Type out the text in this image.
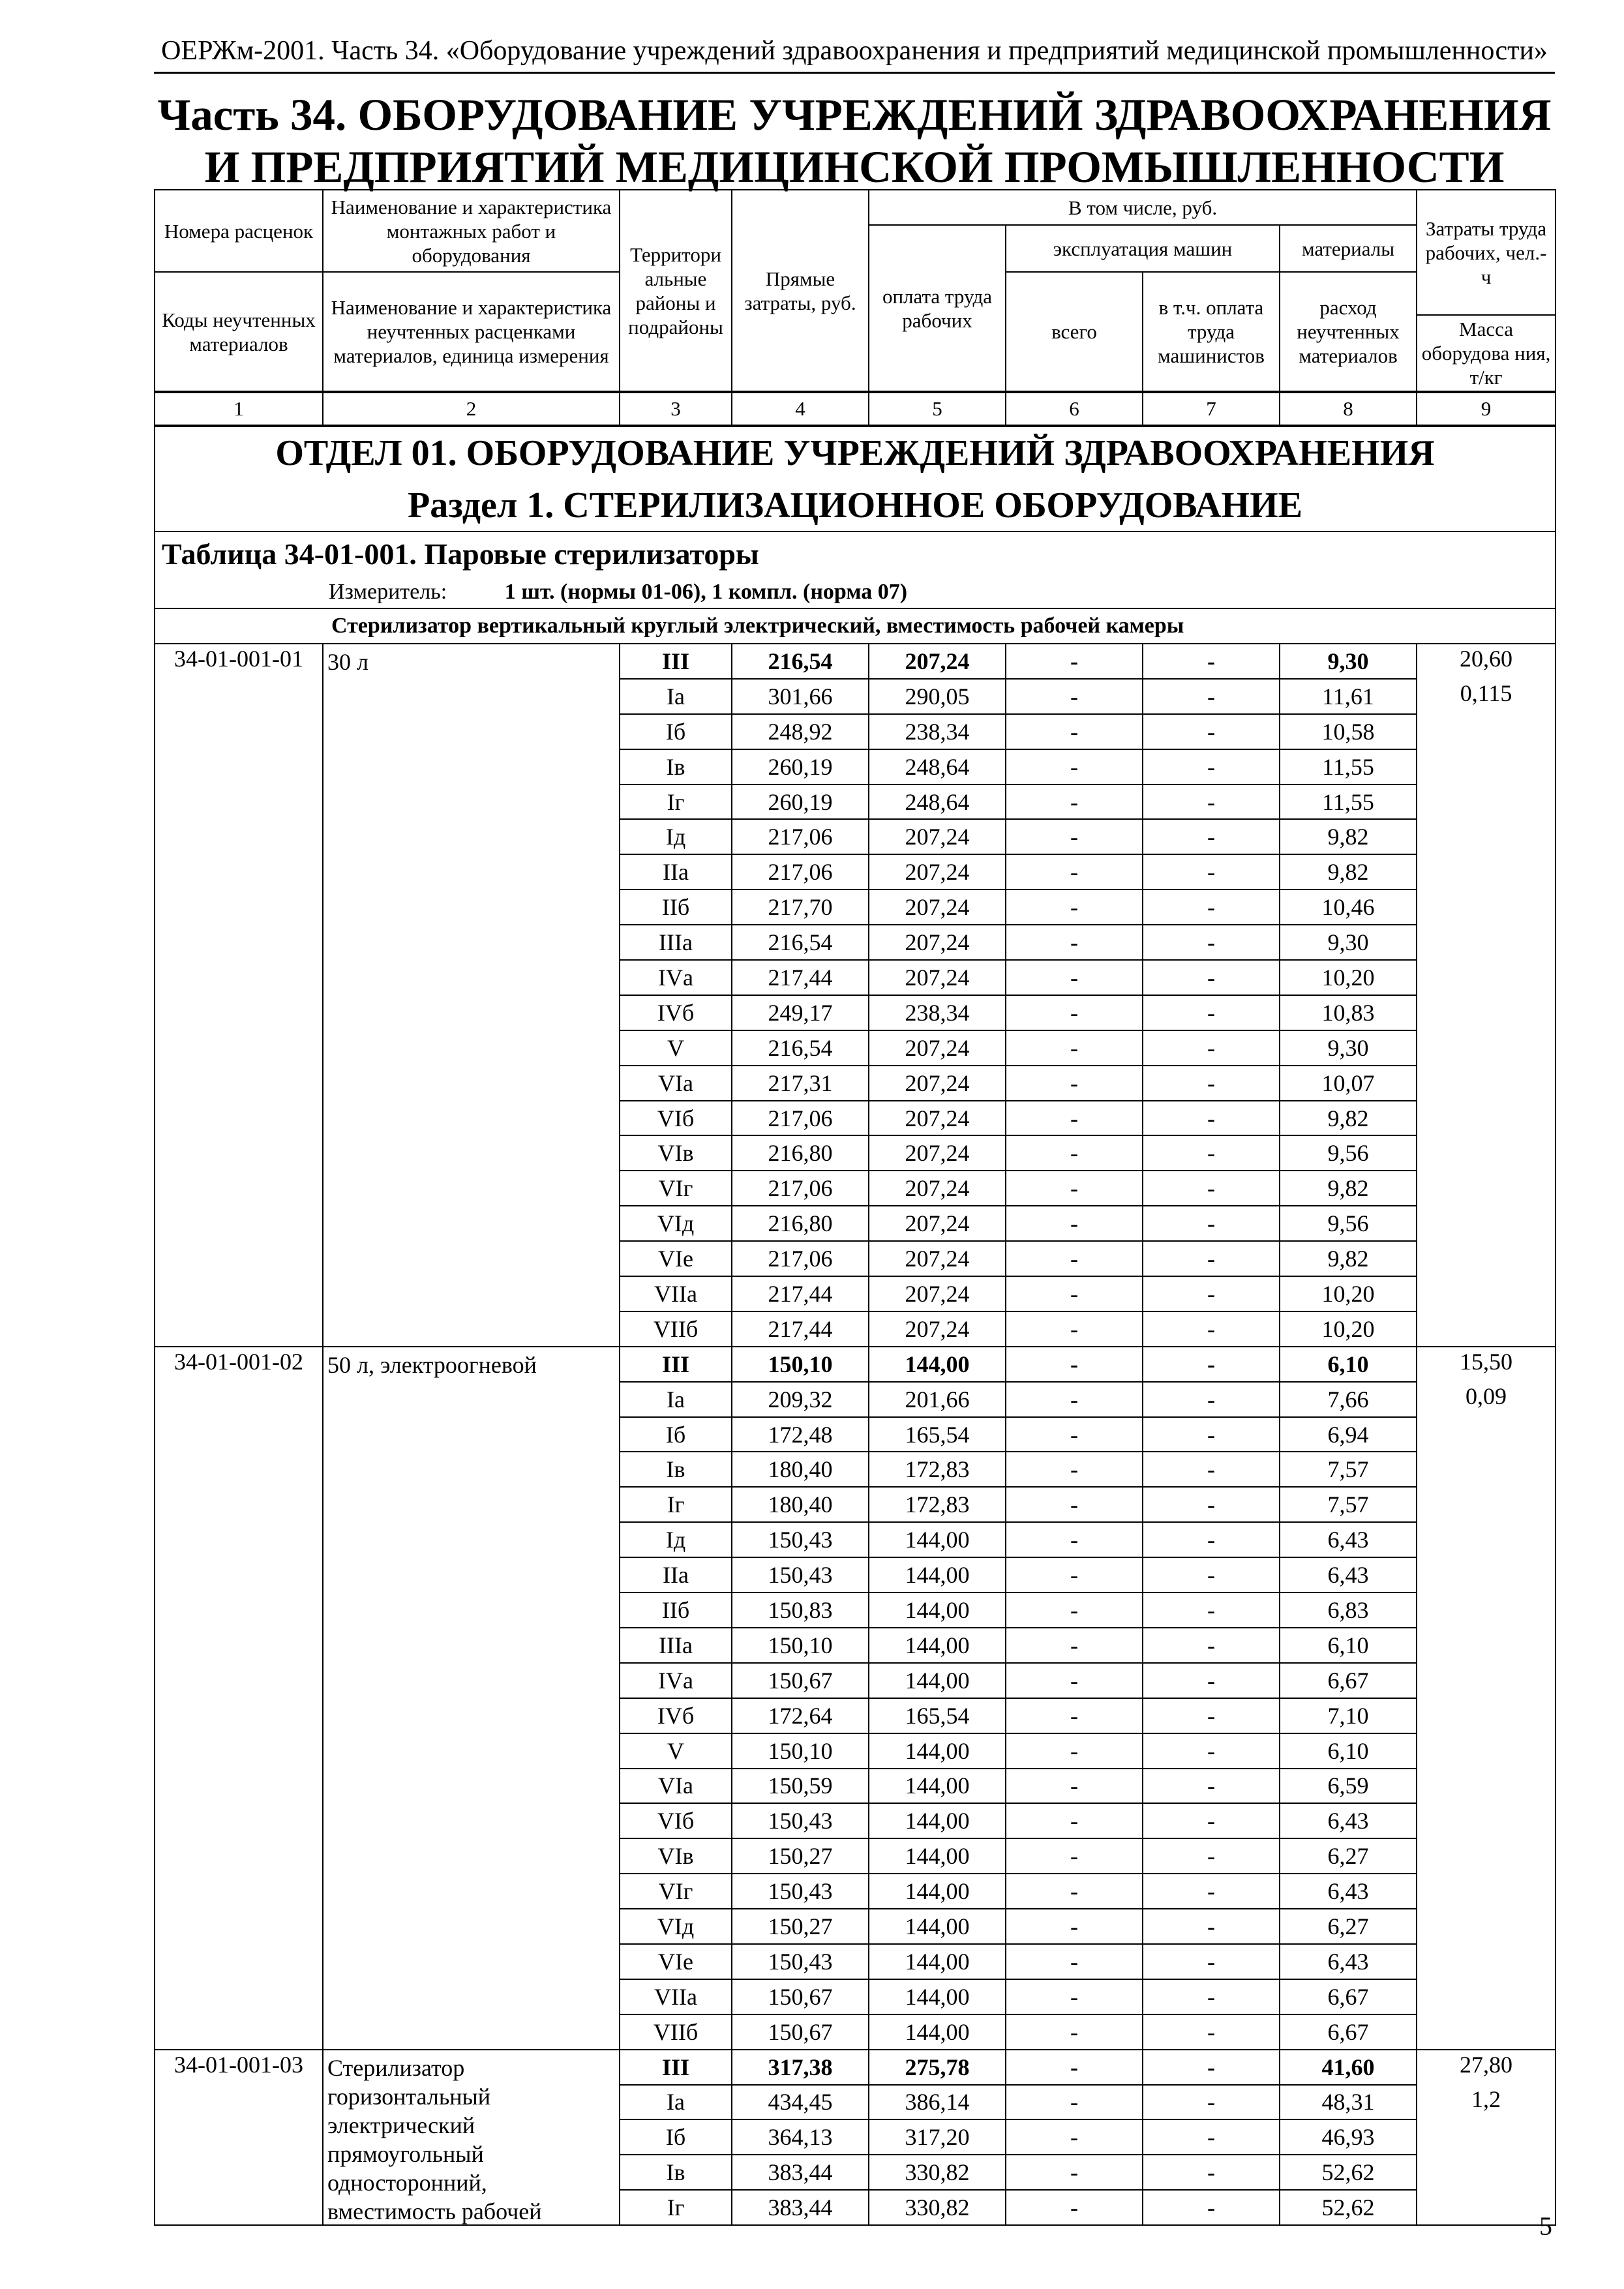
ОЕРЖм-2001. Часть 34. «Оборудование учреждений здравоохранения и предприятий медицинской промышленности»
Часть 34. ОБОРУДОВАНИЕ УЧРЕЖДЕНИЙ ЗДРАВООХРАНЕНИЯ
И ПРЕДПРИЯТИЙ МЕДИЦИНСКОЙ ПРОМЫШЛЕННОСТИ
Номера расценок	Наименование и характеристика монтажных работ и оборудования	Территори альные районы и подрайоны	Прямые затраты, руб.	В том числе, руб.				Затраты труда рабочих, чел.-ч
				оплата труда рабочих	эксплуатация машин		материалы	
Коды неучтенных материалов	Наименование и характеристика неучтенных расценками материалов, единица измерения				всего	в т.ч. оплата труда машинистов	расход неучтенных материалов	
								Масса оборудова ния, т/кг
1	2	3	4	5	6	7	8	9
ОТДЕЛ 01. ОБОРУДОВАНИЕ УЧРЕЖДЕНИЙ ЗДРАВООХРАНЕНИЯ								
Раздел 1. СТЕРИЛИЗАЦИОННОЕ ОБОРУДОВАНИЕ								
Таблица 34-01-001. Паровые стерилизаторы								
Измеритель: 1 шт. (нормы 01-06), 1 компл. (норма 07)								
Стерилизатор вертикальный круглый электрический, вместимость рабочей камеры								
34-01-001-01	30 л	III	216,54	207,24	-	-	9,30	20,60
		Iа	301,66	290,05	-	-	11,61	0,115
		Iб	248,92	238,34	-	-	10,58	
		Iв	260,19	248,64	-	-	11,55	
		Iг	260,19	248,64	-	-	11,55	
		Iд	217,06	207,24	-	-	9,82	
		IIа	217,06	207,24	-	-	9,82	
		IIб	217,70	207,24	-	-	10,46	
		IIIа	216,54	207,24	-	-	9,30	
		IVа	217,44	207,24	-	-	10,20	
		IVб	249,17	238,34	-	-	10,83	
		V	216,54	207,24	-	-	9,30	
		VIа	217,31	207,24	-	-	10,07	
		VIб	217,06	207,24	-	-	9,82	
		VIв	216,80	207,24	-	-	9,56	
		VIг	217,06	207,24	-	-	9,82	
		VIд	216,80	207,24	-	-	9,56	
		VIе	217,06	207,24	-	-	9,82	
		VIIа	217,44	207,24	-	-	10,20	
		VIIб	217,44	207,24	-	-	10,20	
34-01-001-02	50 л, электроогневой	III	150,10	144,00	-	-	6,10	15,50
		Iа	209,32	201,66	-	-	7,66	0,09
		Iб	172,48	165,54	-	-	6,94	
		Iв	180,40	172,83	-	-	7,57	
		Iг	180,40	172,83	-	-	7,57	
		Iд	150,43	144,00	-	-	6,43	
		IIа	150,43	144,00	-	-	6,43	
		IIб	150,83	144,00	-	-	6,83	
		IIIа	150,10	144,00	-	-	6,10	
		IVа	150,67	144,00	-	-	6,67	
		IVб	172,64	165,54	-	-	7,10	
		V	150,10	144,00	-	-	6,10	
		VIа	150,59	144,00	-	-	6,59	
		VIб	150,43	144,00	-	-	6,43	
		VIв	150,27	144,00	-	-	6,27	
		VIг	150,43	144,00	-	-	6,43	
		VIд	150,27	144,00	-	-	6,27	
		VIе	150,43	144,00	-	-	6,43	
		VIIа	150,67	144,00	-	-	6,67	
		VIIб	150,67	144,00	-	-	6,67	
34-01-001-03	Стерилизатор горизонтальный электрический прямоугольный односторонний, вместимость рабочей	III	317,38	275,78	-	-	41,60	27,80
		Iа	434,45	386,14	-	-	48,31	1,2
		Iб	364,13	317,20	-	-	46,93	
		Iв	383,44	330,82	-	-	52,62	
		Iг	383,44	330,82	-	-	52,62	
5
